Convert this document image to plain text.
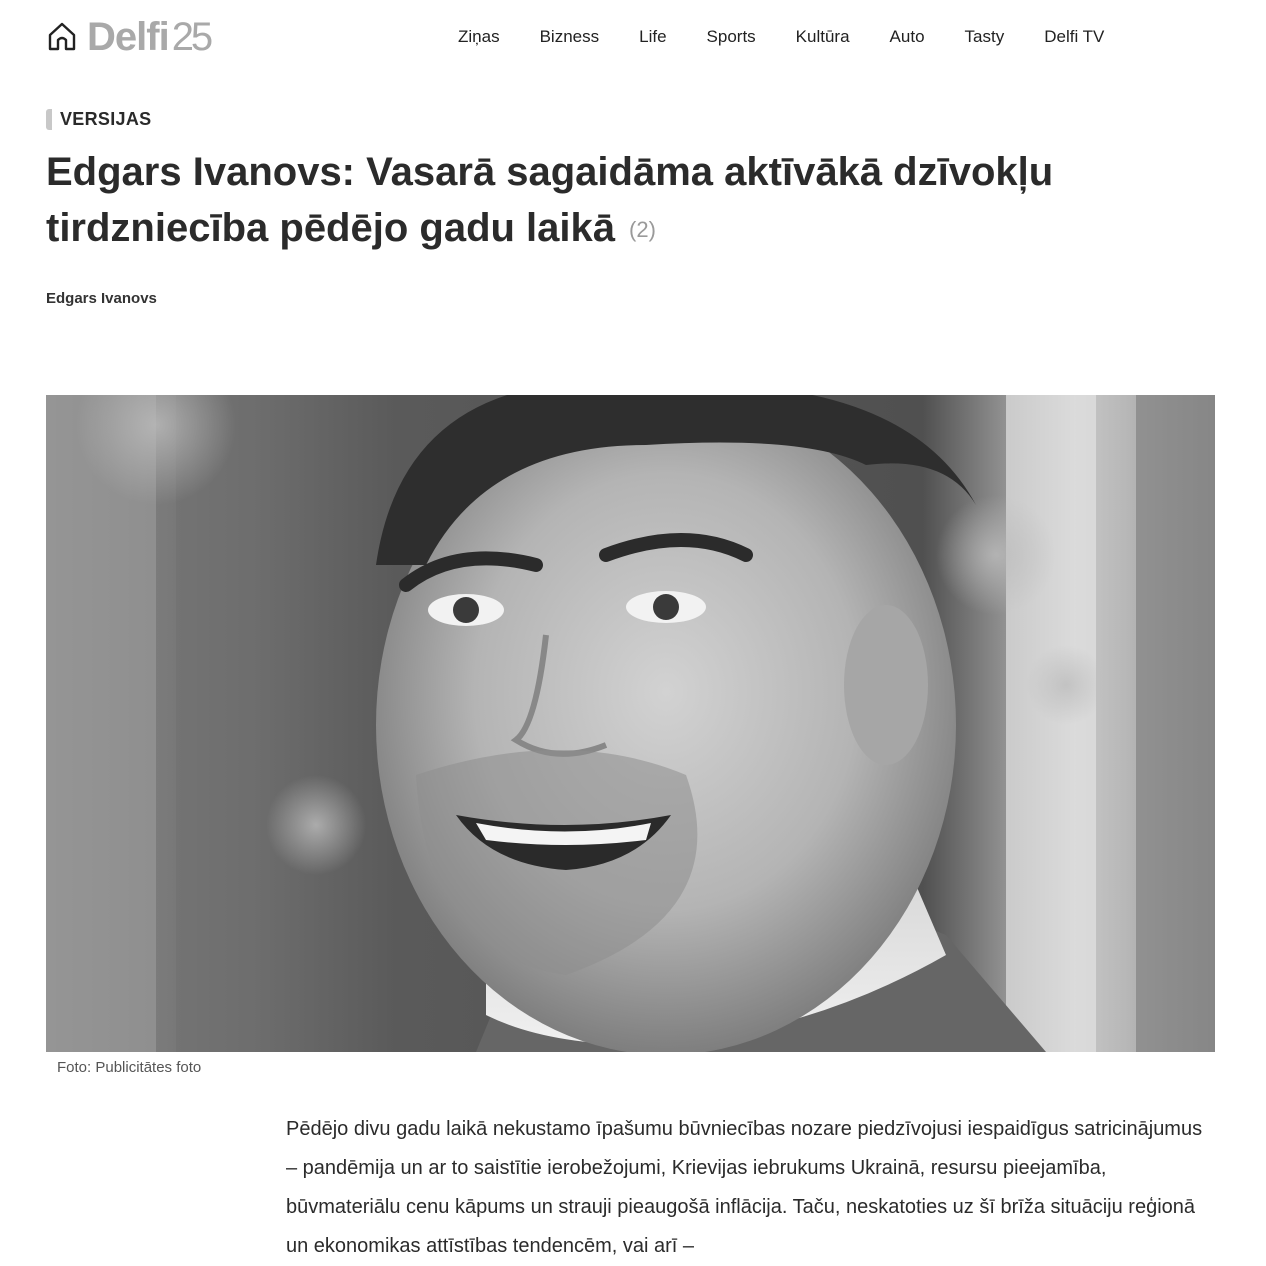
Delfi 25	Ziņas Bizness Life Sports Kultūra Auto Tasty Delfi TV
VERSIJAS
Edgars Ivanovs: Vasarā sagaidāma aktīvākā dzīvokļu tirdzniecība pēdējo gadu laikā (2)
Edgars Ivanovs
Foto: Publicitātes foto

Pēdējo divu gadu laikā nekustamo īpašumu būvniecības nozare piedzīvojusi iespaidīgus satricinājumus – pandēmija un ar to saistītie ierobežojumi, Krievijas iebrukums Ukrainā, resursu pieejamība, būvmateriālu cenu kāpums un strauji pieaugošā inflācija. Taču, neskatoties uz šī brīža situāciju reģionā un ekonomikas attīstības tendencēm, vai arī –
